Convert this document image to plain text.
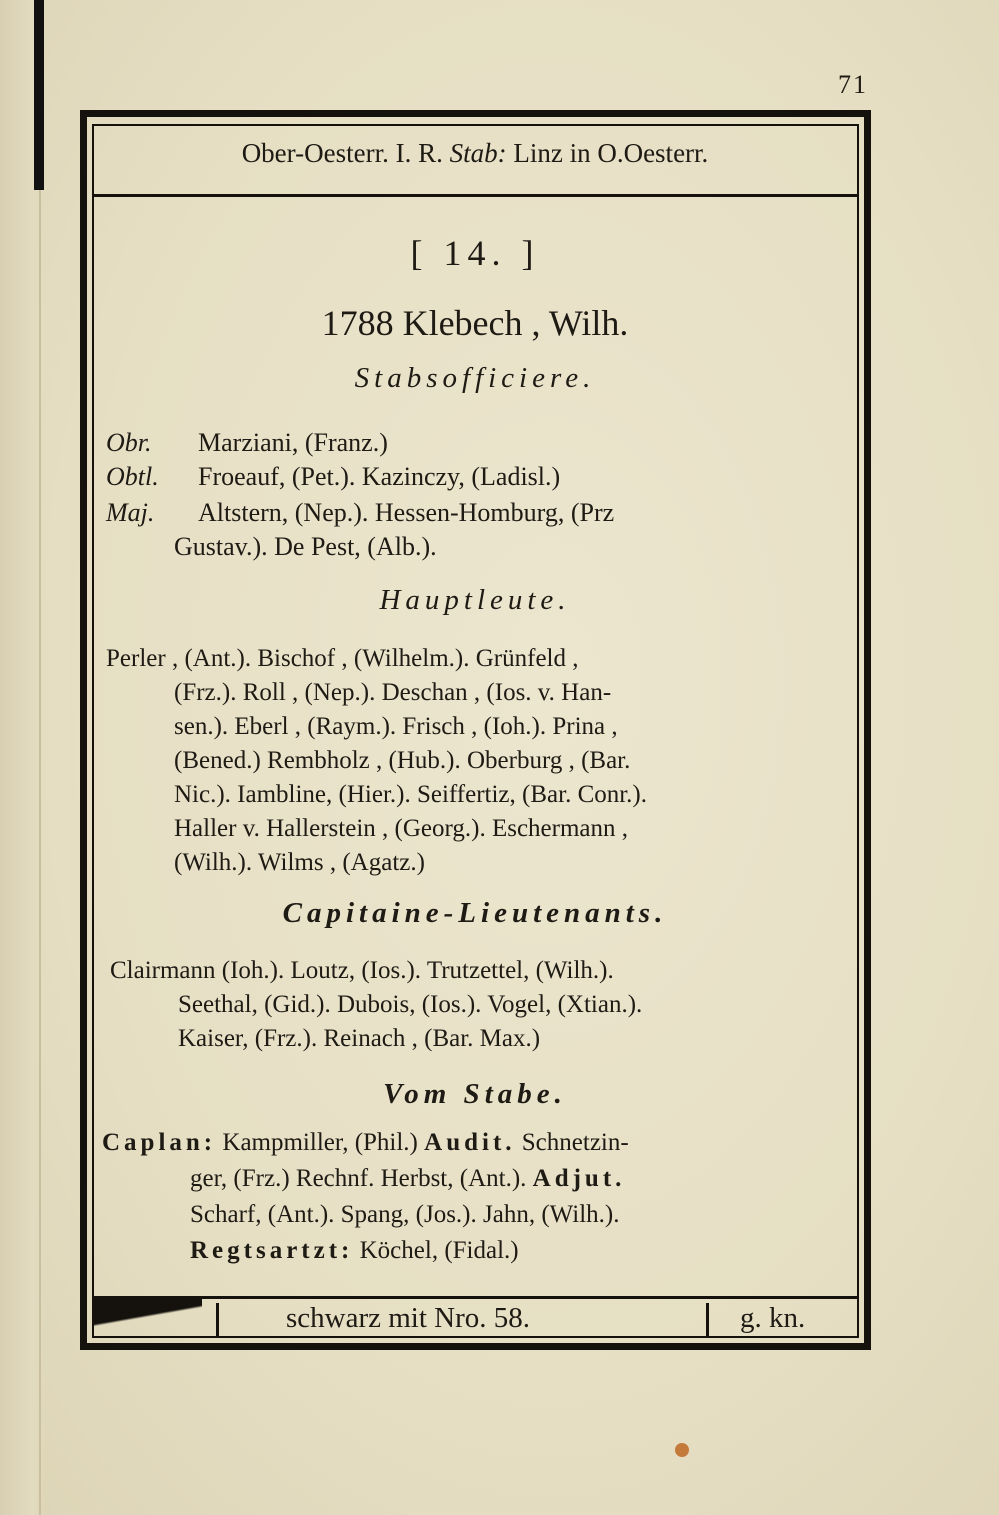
71
Ober-Oesterr. I. R. Stab: Linz in O.Oesterr.
[ 14. ]
1788 Klebech , Wilh.
Stabsofficiere.
Obr. Marziani, (Franz.)
Obtl. Froeauf, (Pet.). Kazinczy, (Ladisl.)
Maj. Altstern, (Nep.). Hessen-Homburg, (Prz
Gustav.). De Pest, (Alb.).
Hauptleute.
Perler , (Ant.). Bischof , (Wilhelm.). Grünfeld ,
(Frz.). Roll , (Nep.). Deschan , (Ios. v. Han-
sen.). Eberl , (Raym.). Frisch , (Ioh.). Prina ,
(Bened.) Rembholz , (Hub.). Oberburg , (Bar.
Nic.). Iambline, (Hier.). Seiffertiz, (Bar. Conr.).
Haller v. Hallerstein , (Georg.). Eschermann ,
(Wilh.). Wilms , (Agatz.)
Capitaine-Lieutenants.
Clairmann (Ioh.). Loutz, (Ios.). Trutzettel, (Wilh.).
Seethal, (Gid.). Dubois, (Ios.). Vogel, (Xtian.).
Kaiser, (Frz.). Reinach , (Bar. Max.)
Vom Stabe.
Caplan: Kampmiller, (Phil.) Audit. Schnetzin-
ger, (Frz.) Rechnf. Herbst, (Ant.). Adjut.
Scharf, (Ant.). Spang, (Jos.). Jahn, (Wilh.).
Regtsartzt: Köchel, (Fidal.)
schwarz mit Nro. 58.	g. kn.
